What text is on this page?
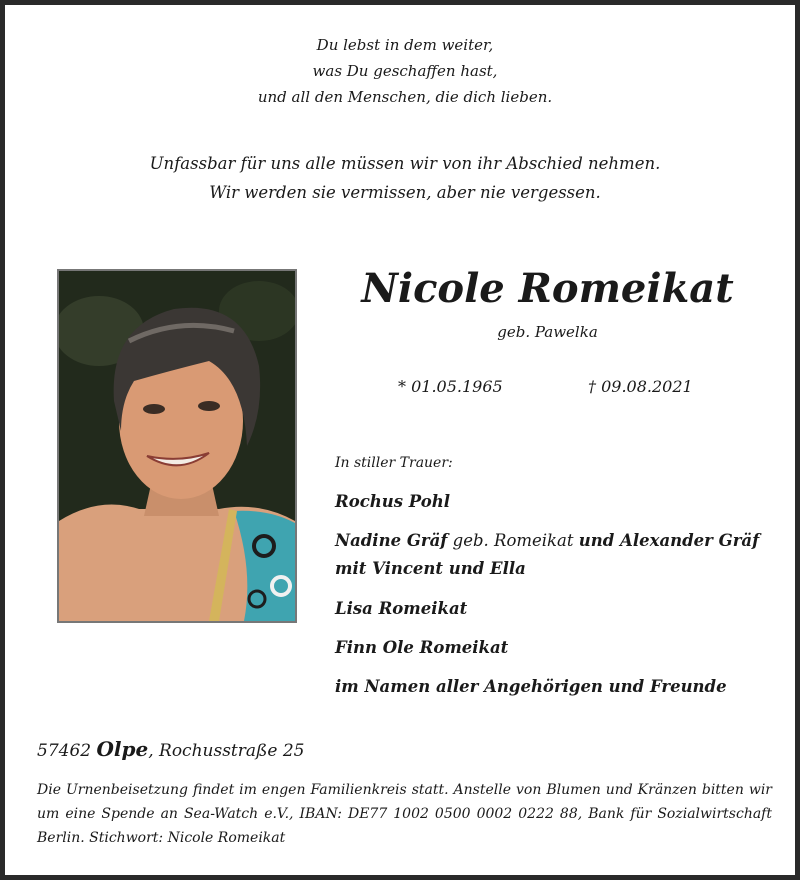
Du lebst in dem weiter,
was Du geschaffen hast,
und all den Menschen, die dich lieben.
Unfassbar für uns alle müssen wir von ihr Abschied nehmen.
Wir werden sie vermissen, aber nie vergessen.
Nicole Romeikat
geb. Pawelka
* 01.05.1965	† 09.08.2021
In stiller Trauer:
Rochus Pohl
Nadine Gräf geb. Romeikat und Alexander Gräf
mit Vincent und Ella
Lisa Romeikat
Finn Ole Romeikat
im Namen aller Angehörigen und Freunde
57462 Olpe, Rochusstraße 25
Die Urnenbeisetzung findet im engen Familienkreis statt. Anstelle von Blumen und Kränzen bitten wir um eine Spende an Sea-Watch e.V., IBAN: DE77 1002 0500 0002 0222 88, Bank für Sozialwirtschaft Berlin. Stichwort: Nicole Romeikat
